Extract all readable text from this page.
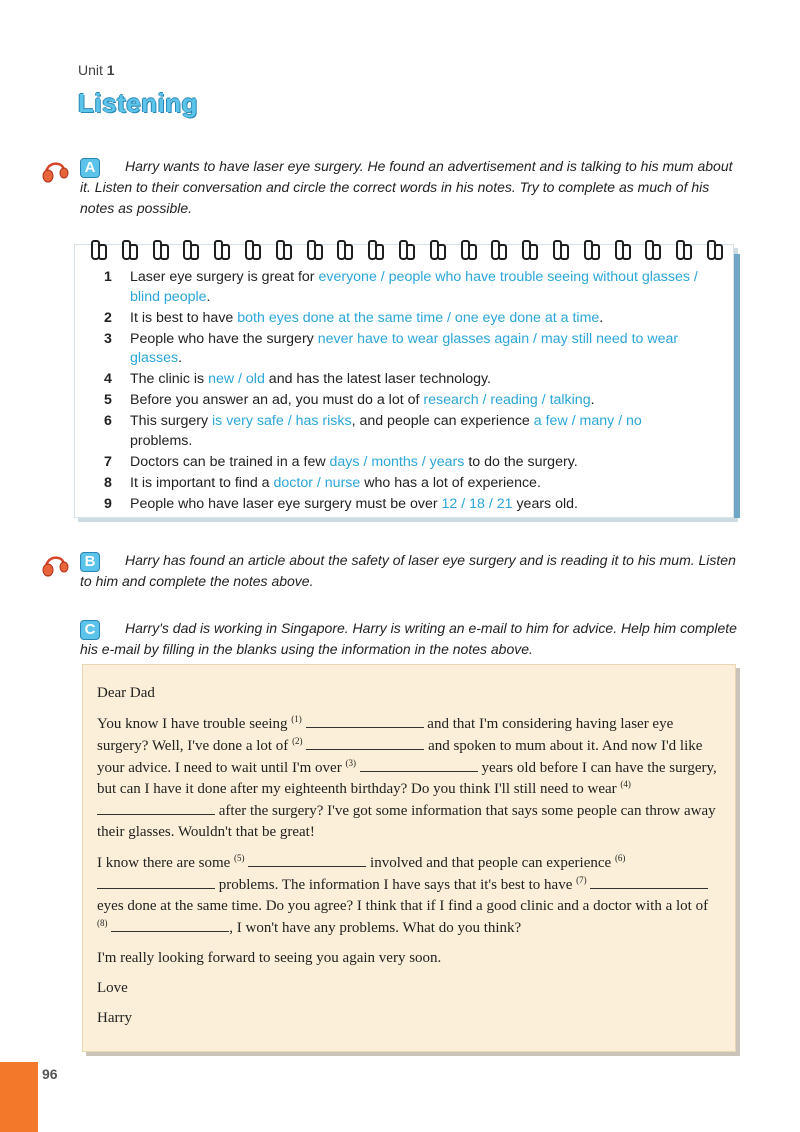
Unit 1
Listening
A	Harry wants to have laser eye surgery. He found an advertisement and is talking to his mum about it. Listen to their conversation and circle the correct words in his notes. Try to complete as much of his notes as possible.

1 Laser eye surgery is great for everyone / people who have trouble seeing without glasses / blind people.
2 It is best to have both eyes done at the same time / one eye done at a time.
3 People who have the surgery never have to wear glasses again / may still need to wear glasses.
4 The clinic is new / old and has the latest laser technology.
5 Before you answer an ad, you must do a lot of research / reading / talking.
6 This surgery is very safe / has risks, and people can experience a few / many / no problems.
7 Doctors can be trained in a few days / months / years to do the surgery.
8 It is important to find a doctor / nurse who has a lot of experience.
9 People who have laser eye surgery must be over 12 / 18 / 21 years old.
B	Harry has found an article about the safety of laser eye surgery and is reading it to his mum. Listen to him and complete the notes above.

C	Harry's dad is working in Singapore. Harry is writing an e-mail to him for advice. Help him complete his e-mail by filling in the blanks using the information in the notes above.

Dear Dad

You know I have trouble seeing $^{(1)}$	and that I'm considering having laser eye surgery? Well, I've done a lot of $^{(2)}$	and spoken to mum about it. And now I'd like your advice. I need to wait until I'm over $^{(3)}$	years old before I can have the surgery, but can I have it done after my eighteenth birthday? Do you think I'll still need to wear $^{(4)}$  after the surgery? I've got some information that says some people can throw away their glasses. Wouldn't that be great!

I know there are some $^{(5)}$	involved and that people can experience $^{(6)}$  problems. The information I have says that it's best to have $^{(7)}$  eyes done at the same time. Do you agree? I think that if I find a good clinic and a doctor with a lot of $^{(8)}$	, I won't have any problems. What do you think?

I'm really looking forward to seeing you again very soon.

Love

Harry

96
